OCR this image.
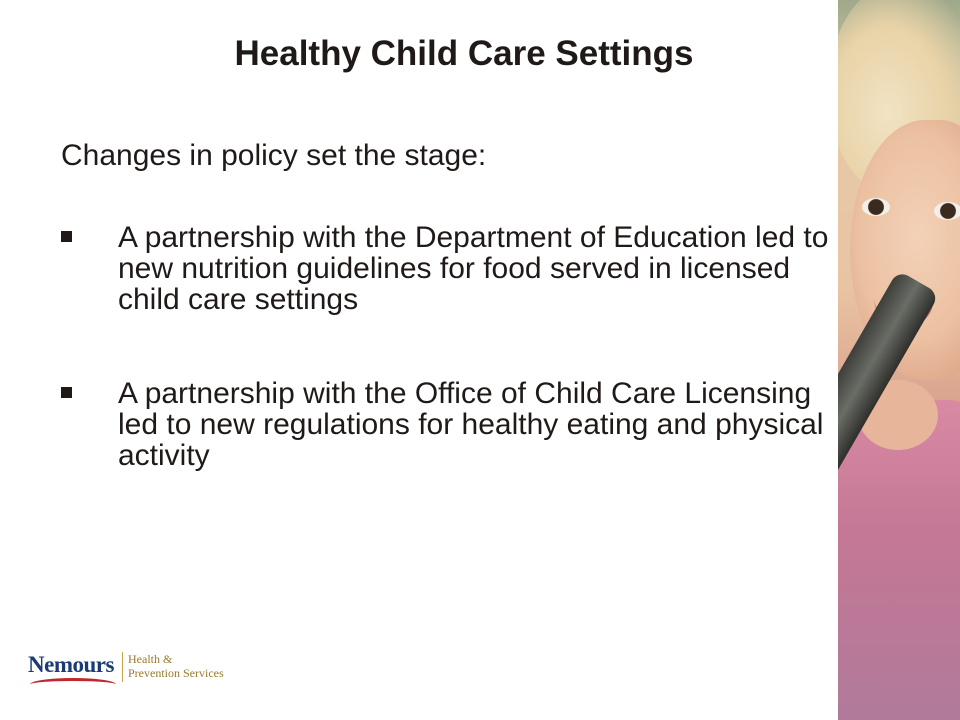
Healthy Child Care Settings
Changes in policy set the stage:
A partnership with the Department of Education led to new nutrition guidelines for food served in licensed child care settings
A partnership with the Office of Child Care Licensing led to new regulations for healthy eating and physical activity
Nemours Health &
Prevention Services
